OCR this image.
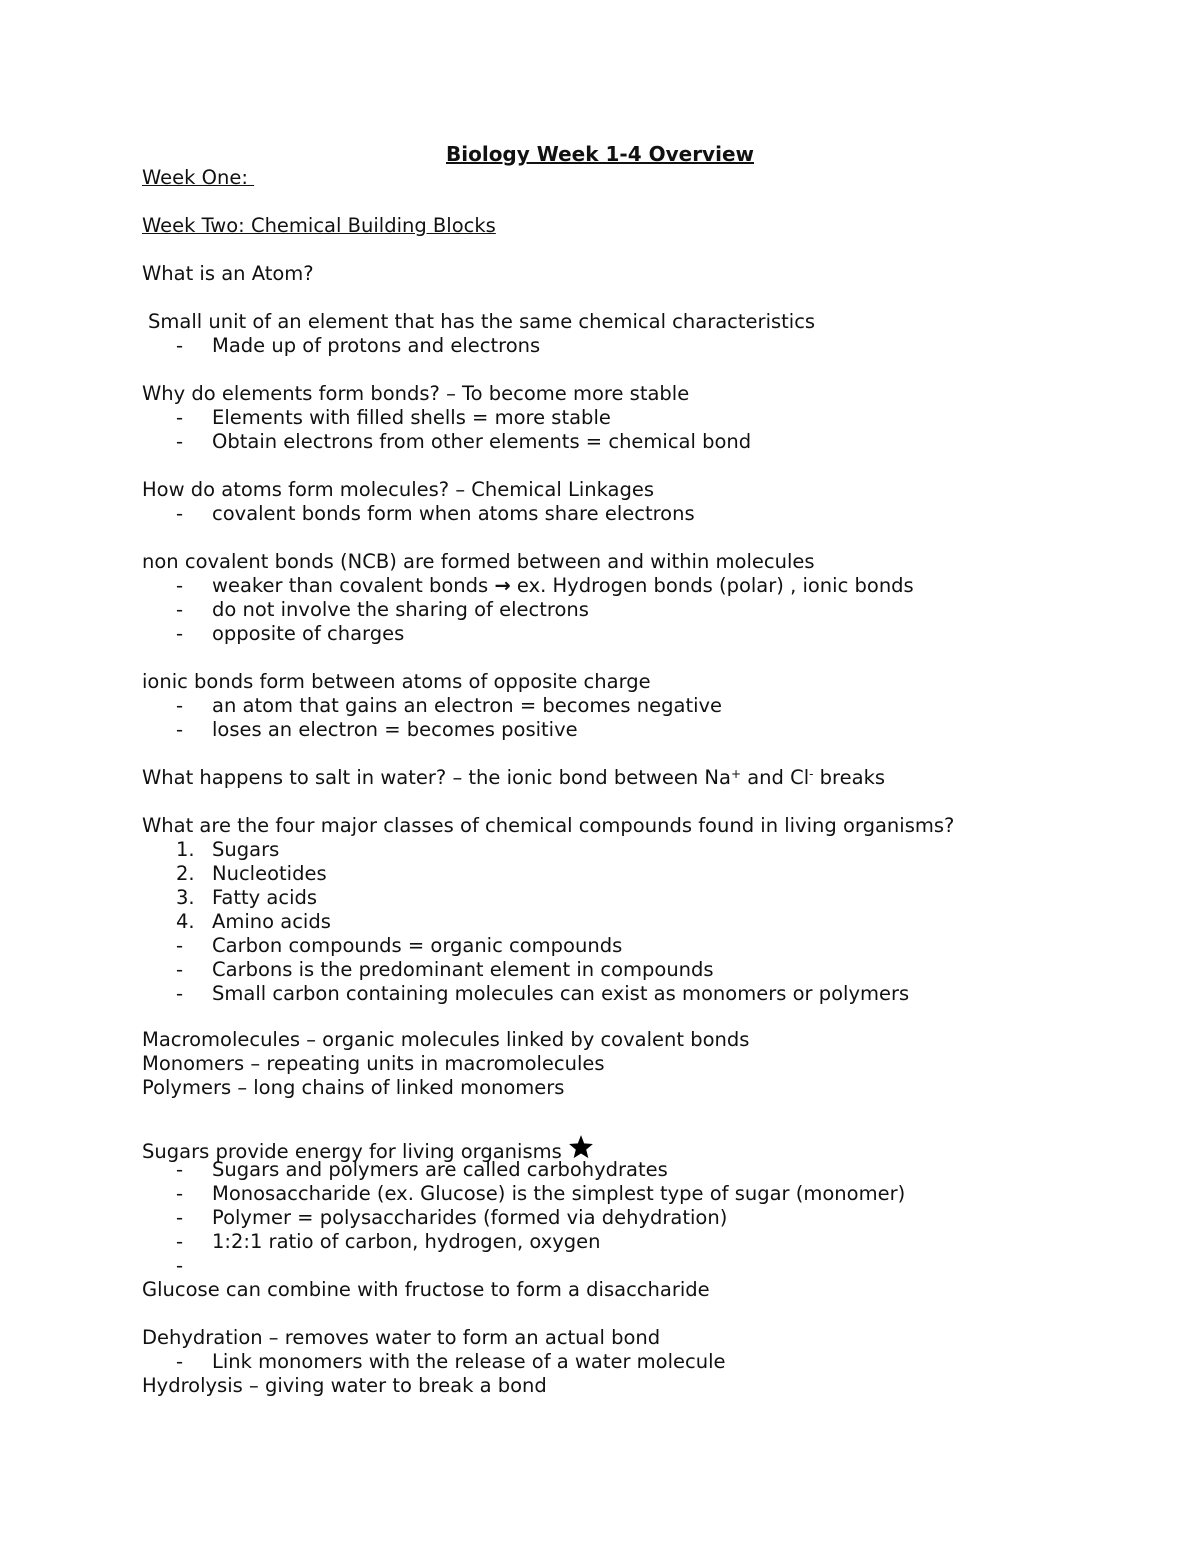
Biology Week 1-4 Overview
Week One:
Week Two: Chemical Building Blocks
What is an Atom?
Small unit of an element that has the same chemical characteristics
-	Made up of protons and electrons
Why do elements form bonds? – To become more stable
-	Elements with filled shells = more stable
-	Obtain electrons from other elements = chemical bond
How do atoms form molecules? – Chemical Linkages
-	covalent bonds form when atoms share electrons
non covalent bonds (NCB) are formed between and within molecules
-	weaker than covalent bonds → ex. Hydrogen bonds (polar) , ionic bonds
-	do not involve the sharing of electrons
-	opposite of charges
ionic bonds form between atoms of opposite charge
-	an atom that gains an electron = becomes negative
-	loses an electron = becomes positive
What happens to salt in water? – the ionic bond between Na+ and Cl- breaks
What are the four major classes of chemical compounds found in living organisms?
1. Sugars
2. Nucleotides
3. Fatty acids
4. Amino acids
-	Carbon compounds = organic compounds
-	Carbons is the predominant element in compounds
-	Small carbon containing molecules can exist as monomers or polymers
Macromolecules – organic molecules linked by covalent bonds
Monomers – repeating units in macromolecules
Polymers – long chains of linked monomers
Sugars provide energy for living organisms
-	Sugars and polymers are called carbohydrates
-	Monosaccharide (ex. Glucose) is the simplest type of sugar (monomer)
-	Polymer = polysaccharides (formed via dehydration)
-	1:2:1 ratio of carbon, hydrogen, oxygen
-
Glucose can combine with fructose to form a disaccharide
Dehydration – removes water to form an actual bond
-	Link monomers with the release of a water molecule
Hydrolysis – giving water to break a bond
